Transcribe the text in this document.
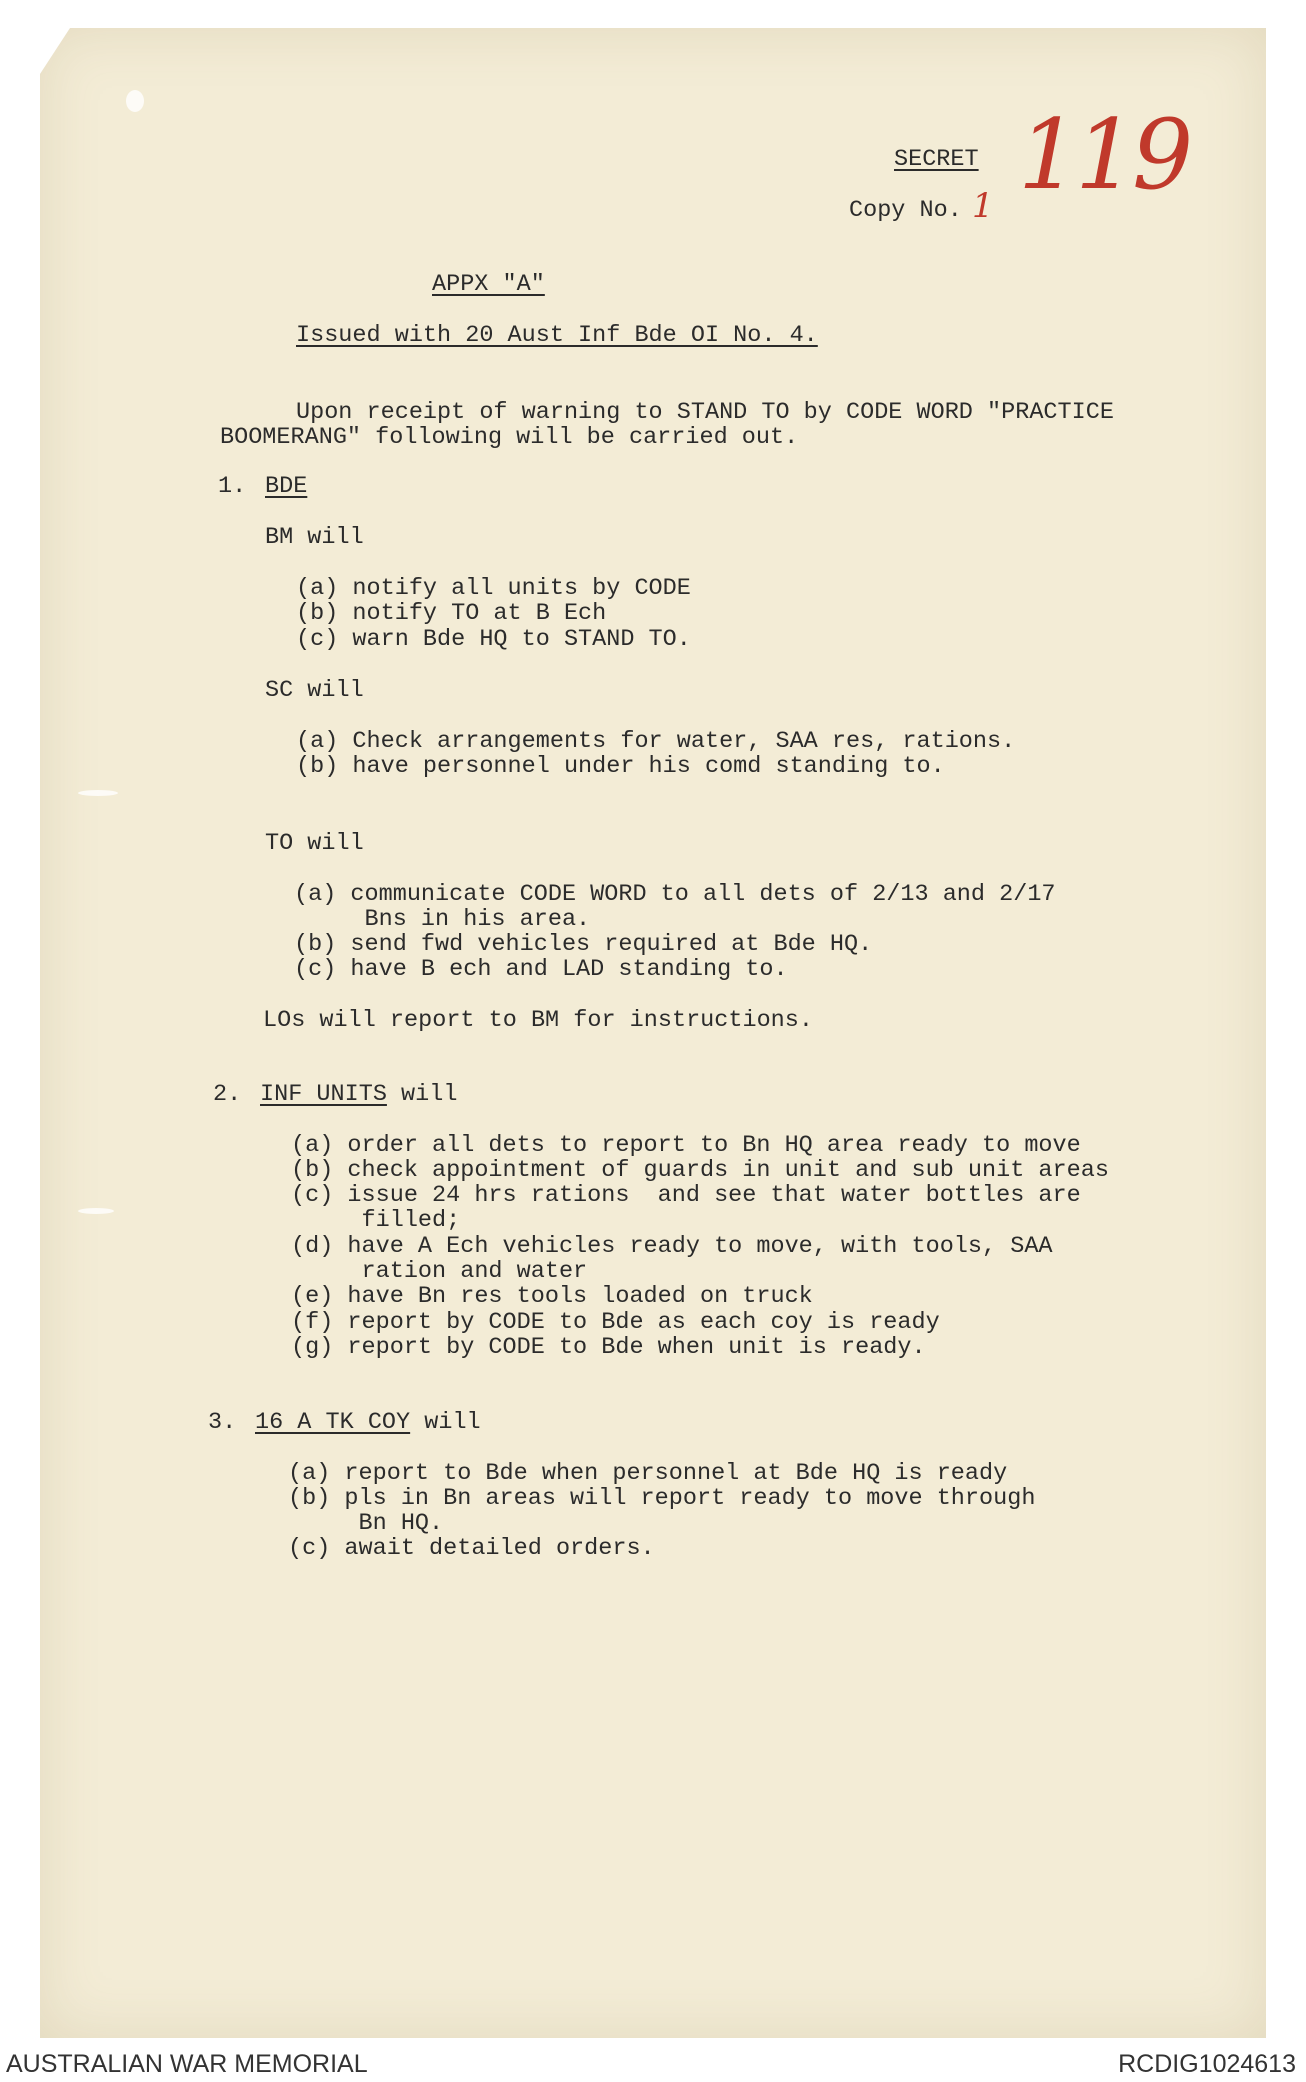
SECRET

Copy No. 1 119

APPX "A"

Issued with 20 Aust Inf Bde OI No. 4.

Upon receipt of warning to STAND TO by CODE WORD "PRACTICE

BOOMERANG" following will be carried out.

1. BDE

BM will

(a) notify all units by CODE

(b) notify TO at B Ech

(c) warn Bde HQ to STAND TO.

SC will

(a) Check arrangements for water, SAA res, rations.

(b) have personnel under his comd standing to.

TO will

(a) communicate CODE WORD to all dets of 2/13 and 2/17

Bns in his area.

(b) send fwd vehicles required at Bde HQ.

(c) have B ech and LAD standing to.

LOs will report to BM for instructions.

2. INF UNITS will

(a) order all dets to report to Bn HQ area ready to move

(b) check appointment of guards in unit and sub unit areas

(c) issue 24 hrs rations  and see that water bottles are

filled;

(d) have A Ech vehicles ready to move, with tools, SAA

ration and water

(e) have Bn res tools loaded on truck

(f) report by CODE to Bde as each coy is ready

(g) report by CODE to Bde when unit is ready.

3. 16 A TK COY will

(a) report to Bde when personnel at Bde HQ is ready

(b) pls in Bn areas will report ready to move through

Bn HQ.

(c) await detailed orders.

AUSTRALIAN WAR MEMORIAL	RCDIG1024613
